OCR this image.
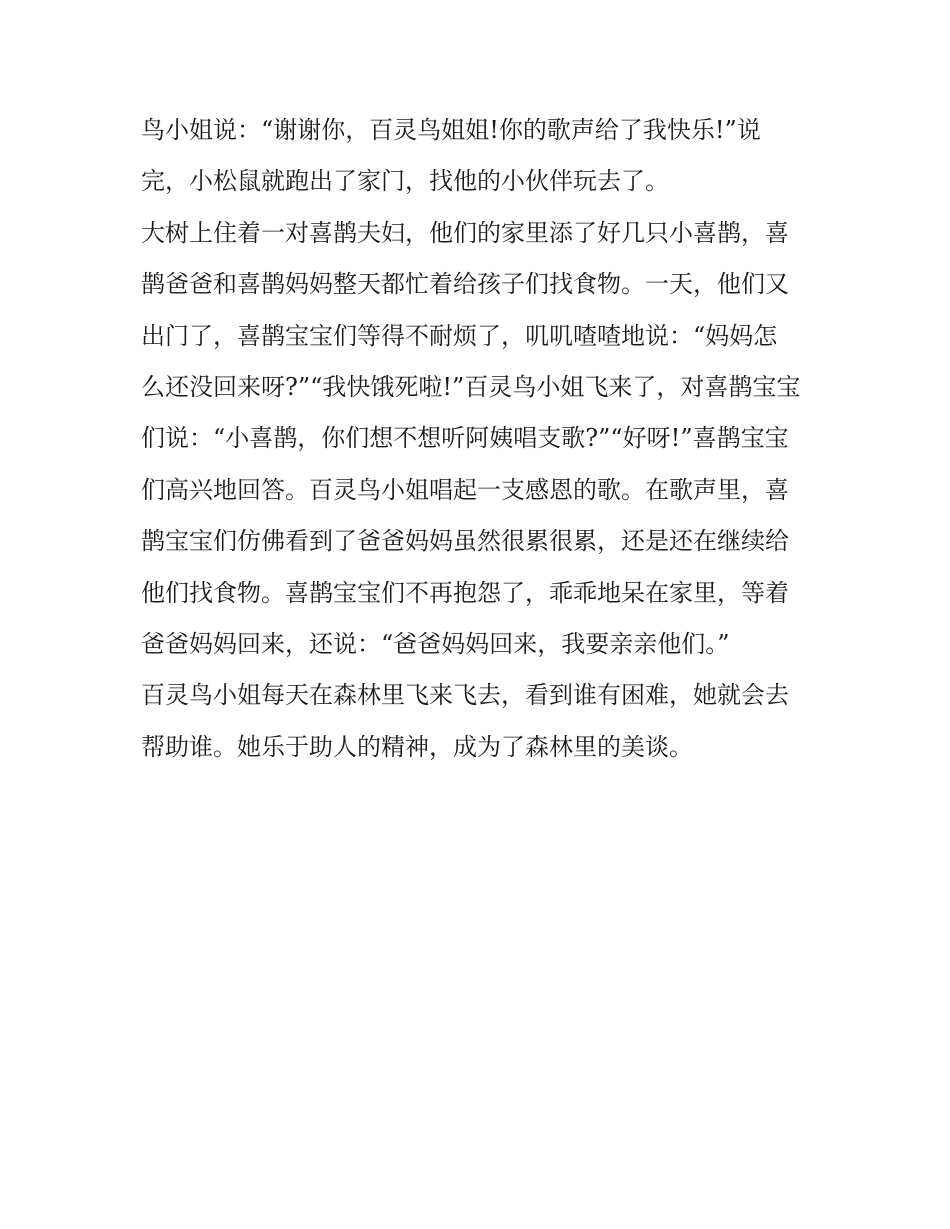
鸟小姐说：“谢谢你，百灵鸟姐姐!你的歌声给了我快乐!”说
完，小松鼠就跑出了家门，找他的小伙伴玩去了。
大树上住着一对喜鹊夫妇，他们的家里添了好几只小喜鹊，喜
鹊爸爸和喜鹊妈妈整天都忙着给孩子们找食物。一天，他们又
出门了，喜鹊宝宝们等得不耐烦了，叽叽喳喳地说：“妈妈怎
么还没回来呀?”“我快饿死啦!”百灵鸟小姐飞来了，对喜鹊宝宝
们说：“小喜鹊，你们想不想听阿姨唱支歌?”“好呀!”喜鹊宝宝
们高兴地回答。百灵鸟小姐唱起一支感恩的歌。在歌声里，喜
鹊宝宝们仿佛看到了爸爸妈妈虽然很累很累，还是还在继续给
他们找食物。喜鹊宝宝们不再抱怨了，乖乖地呆在家里，等着
爸爸妈妈回来，还说：“爸爸妈妈回来，我要亲亲他们。”
百灵鸟小姐每天在森林里飞来飞去，看到谁有困难，她就会去
帮助谁。她乐于助人的精神，成为了森林里的美谈。
